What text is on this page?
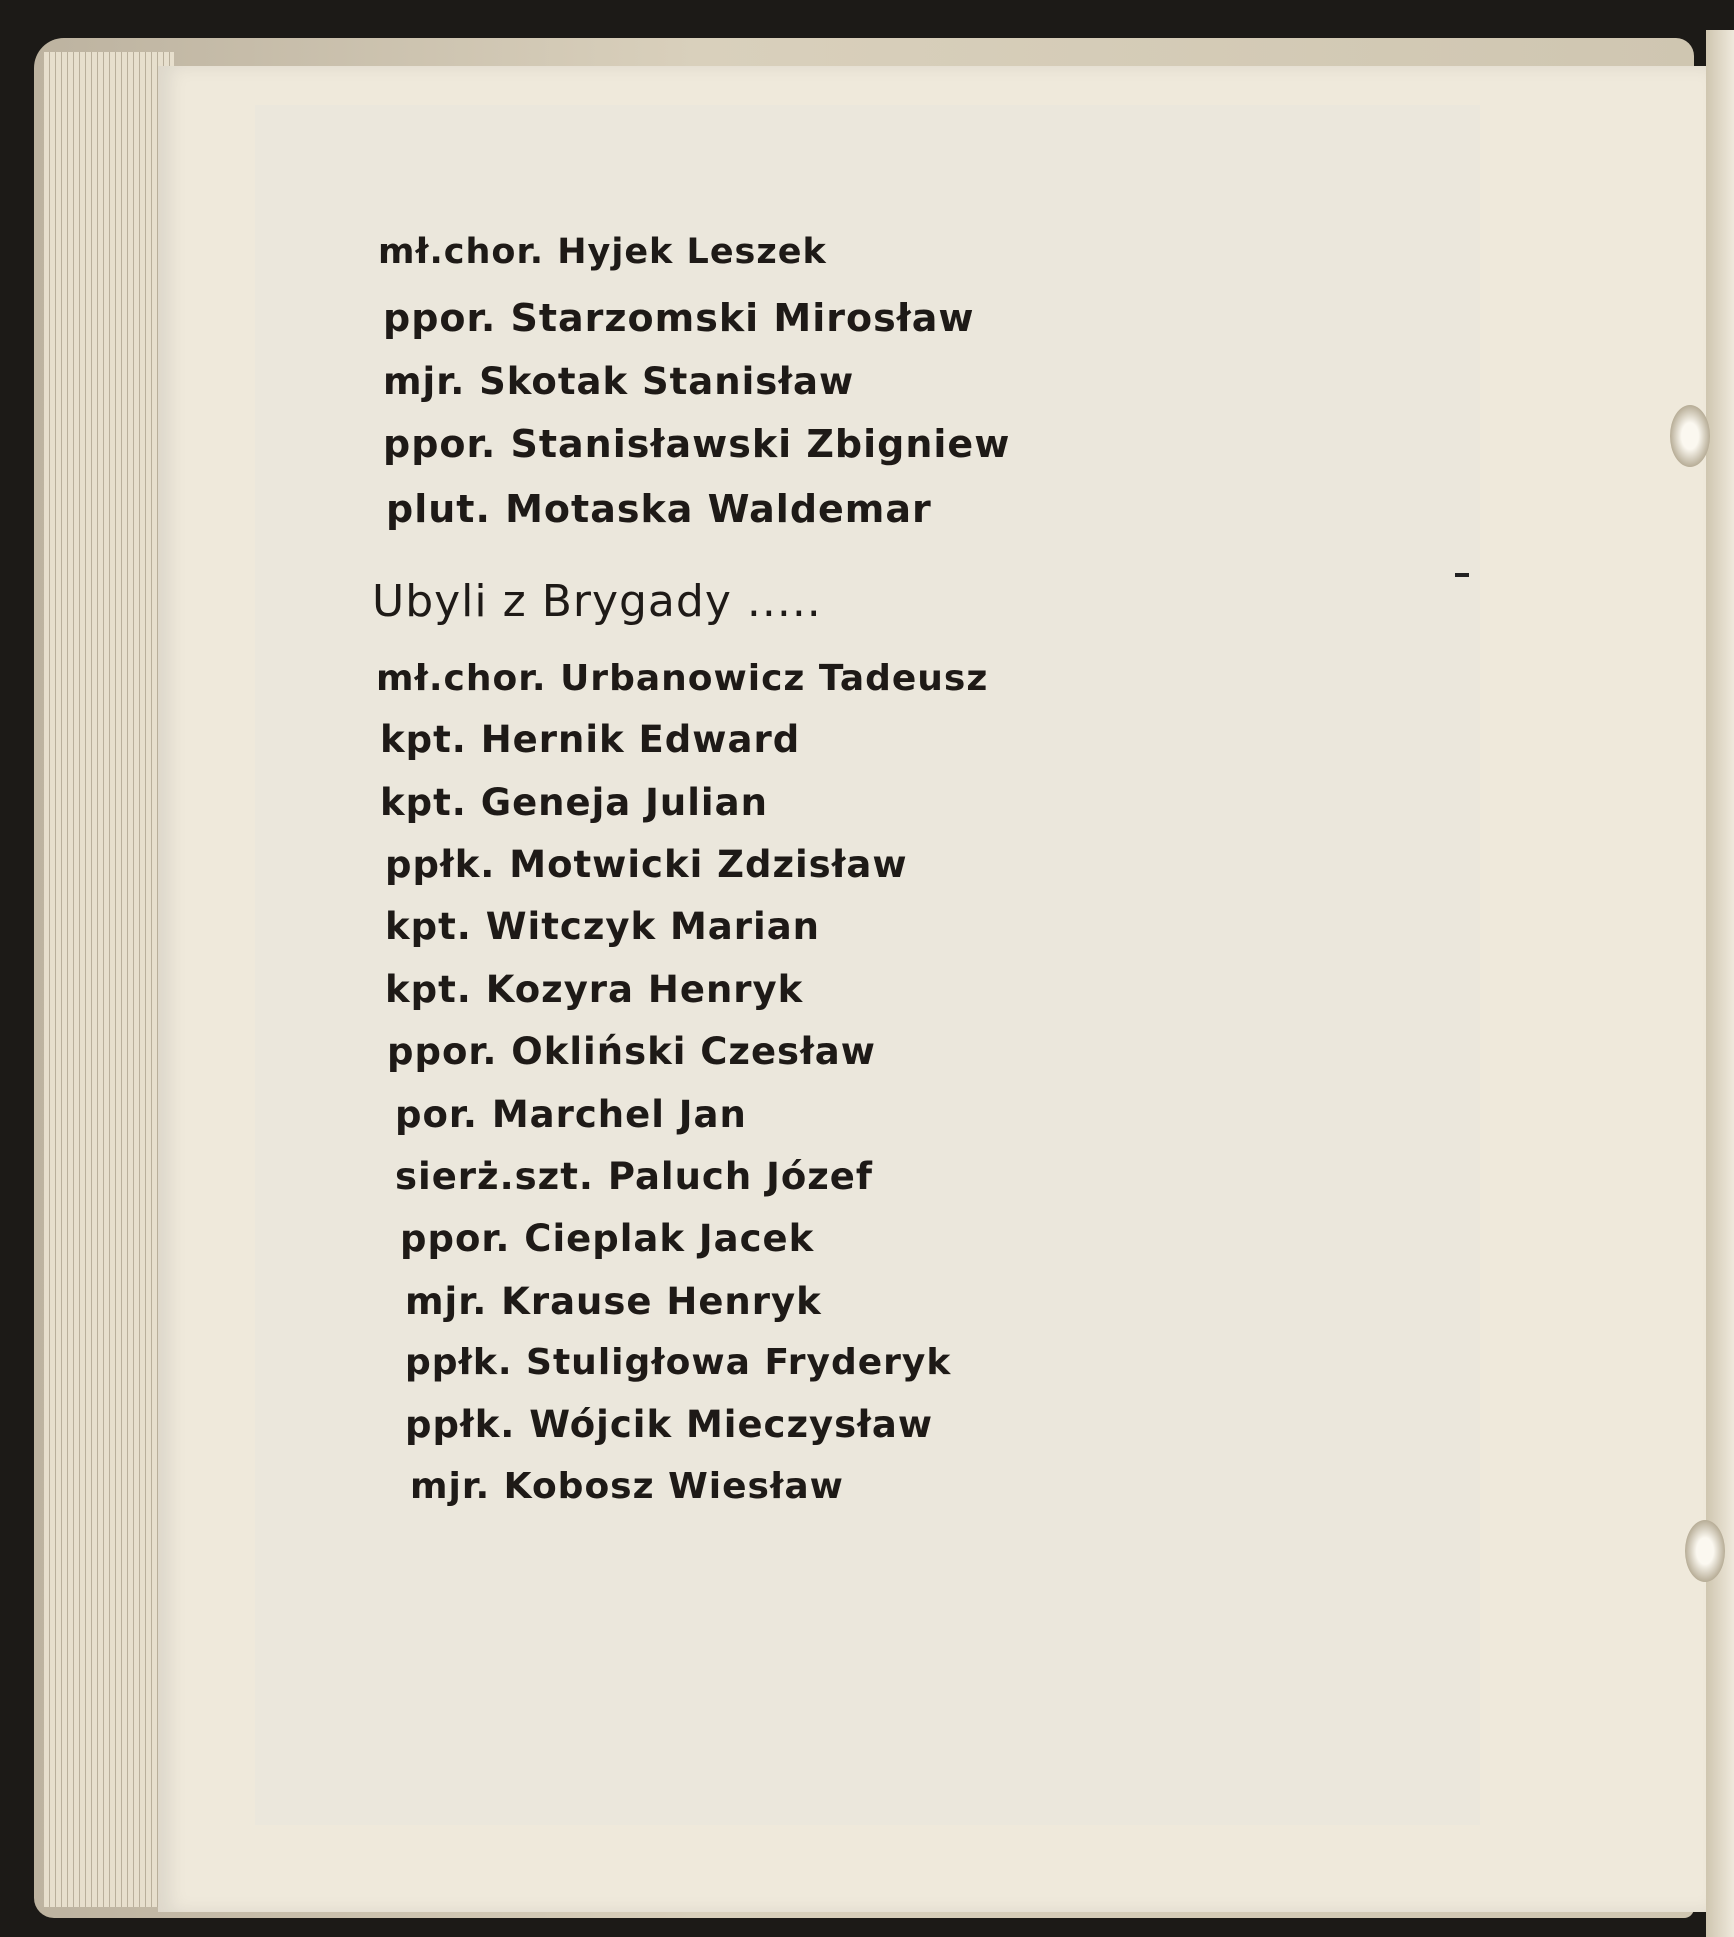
mł.chor. Hyjek Leszek
ppor. Starzomski Mirosław
mjr. Skotak Stanisław
ppor. Stanisławski Zbigniew
plut. Motaska Waldemar
Ubyli z Brygady .....
mł.chor. Urbanowicz Tadeusz
kpt. Hernik Edward
kpt. Geneja Julian
ppłk. Motwicki Zdzisław
kpt. Witczyk Marian
kpt. Kozyra Henryk
ppor. Okliński Czesław
por. Marchel Jan
sierż.szt. Paluch Józef
ppor. Cieplak Jacek
mjr. Krause Henryk
ppłk. Stuligłowa Fryderyk
ppłk. Wójcik Mieczysław
mjr. Kobosz Wiesław
